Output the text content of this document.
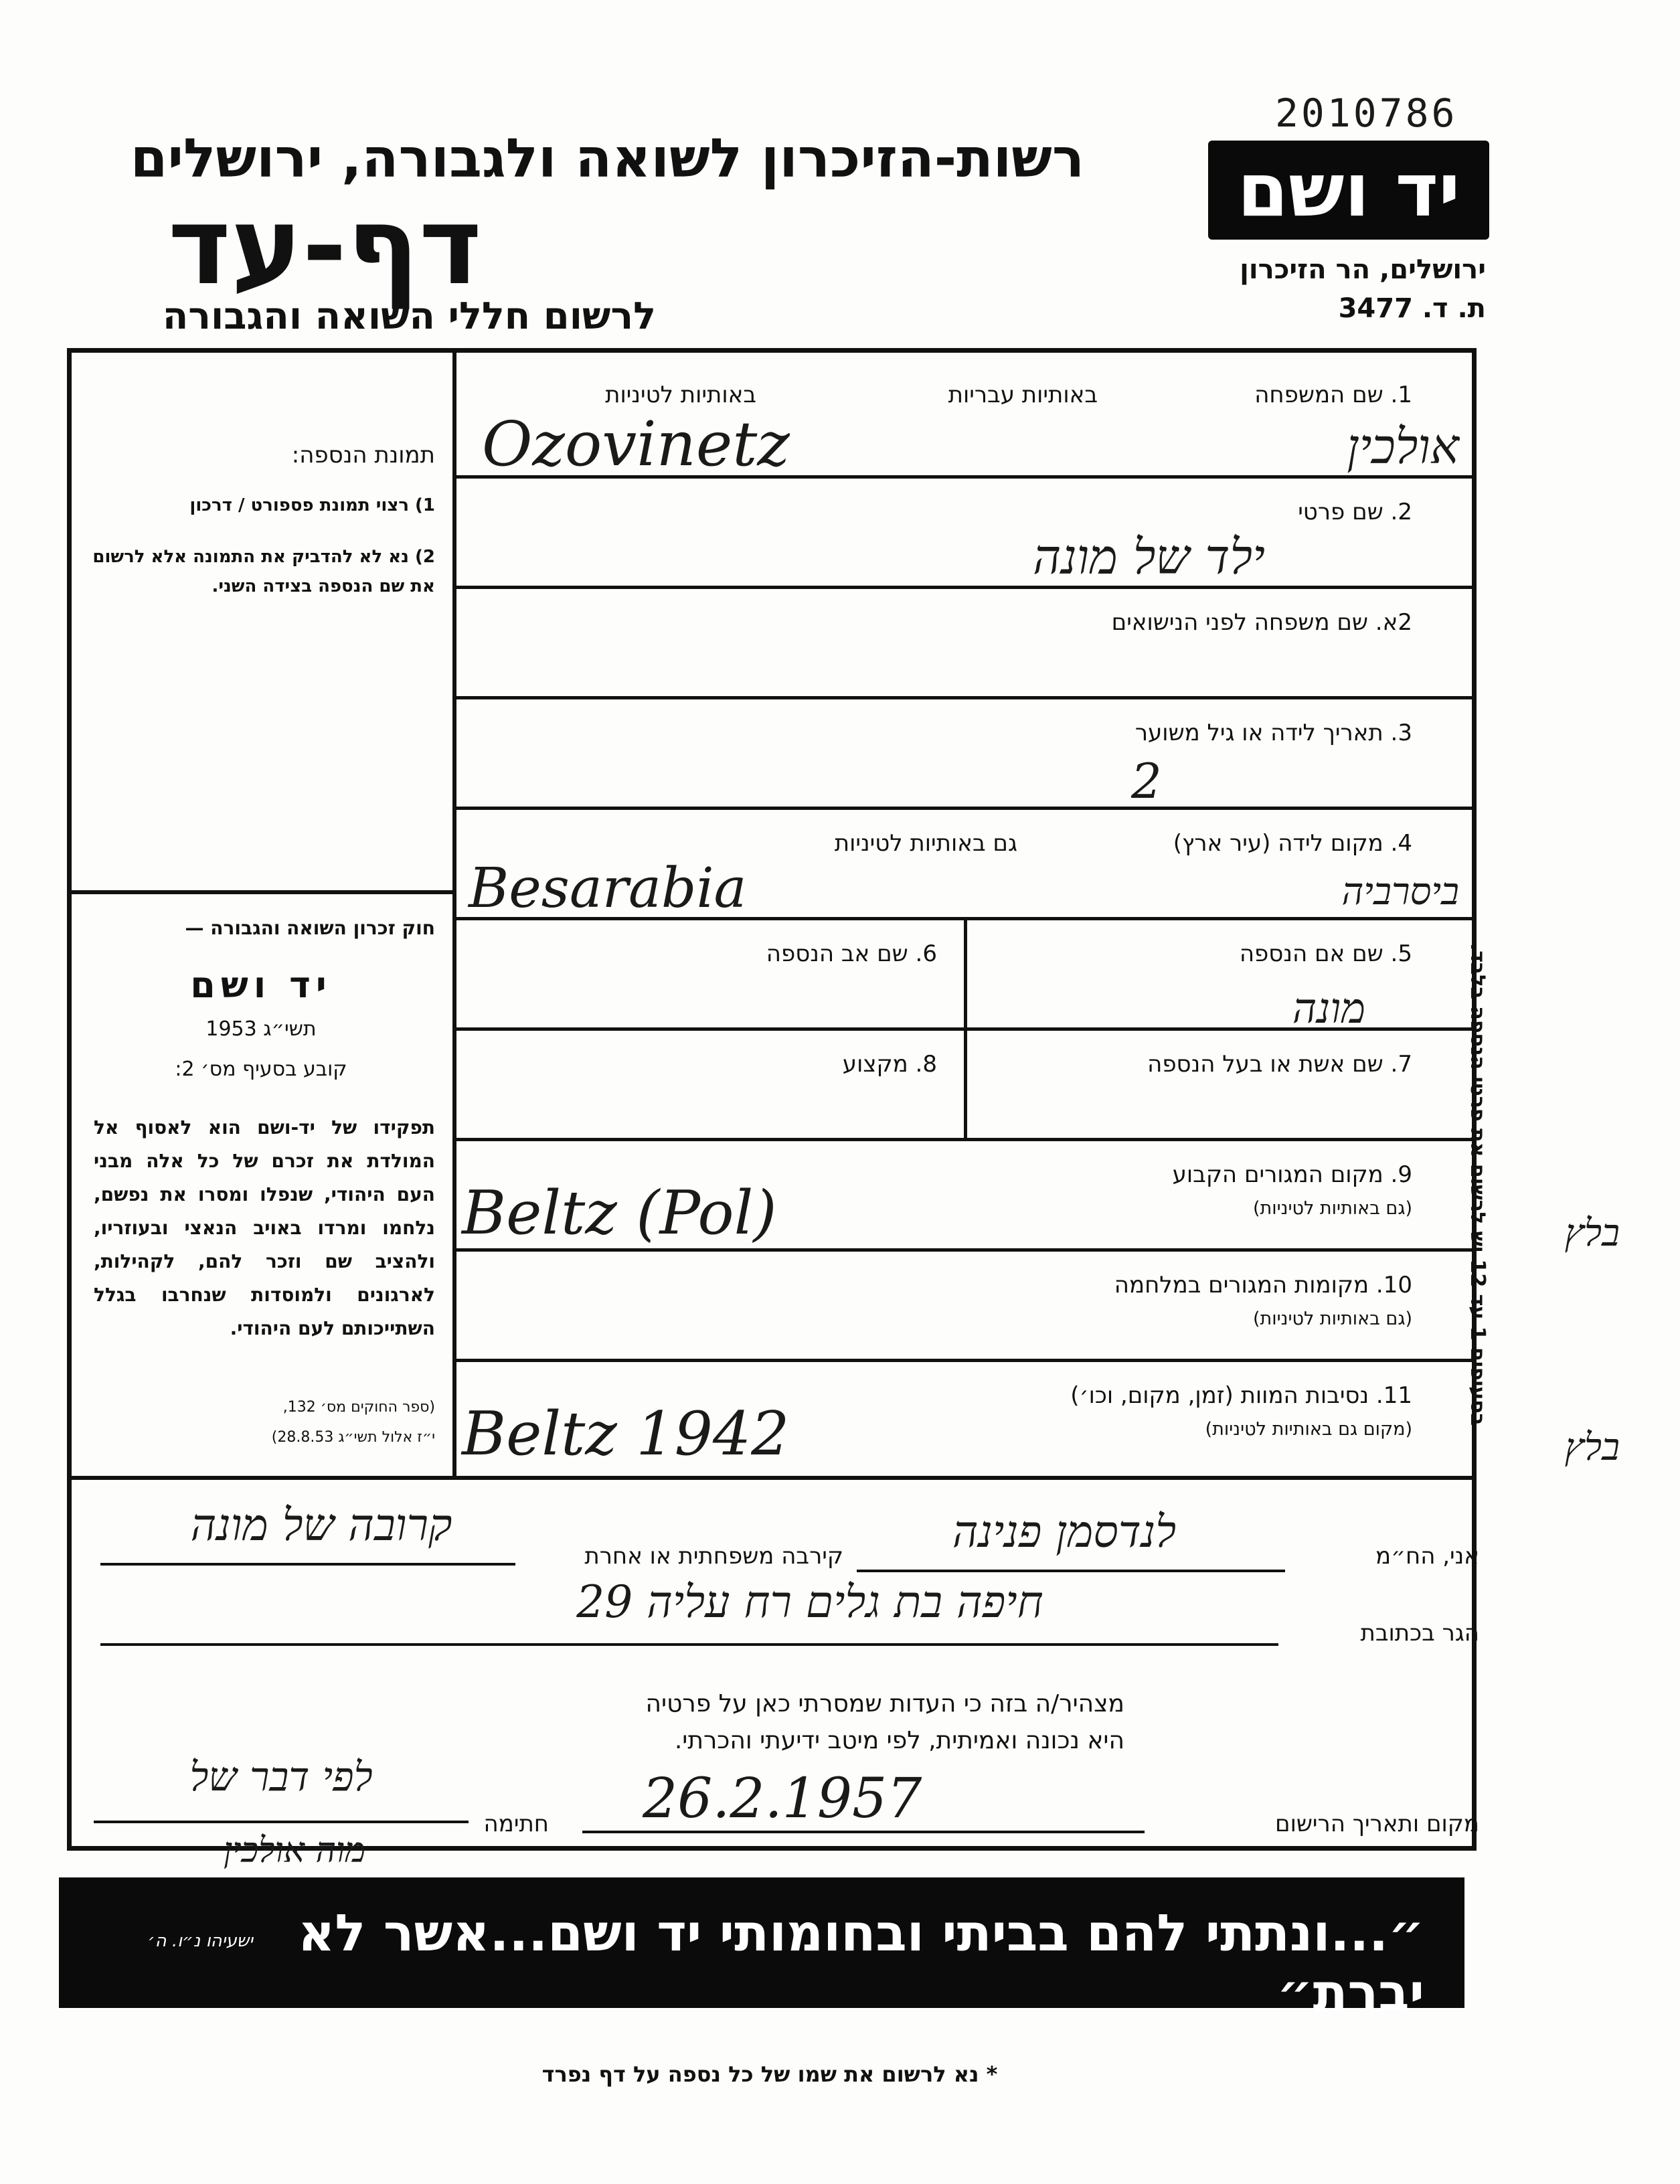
2010786
רשות-הזיכרון לשואה ולגבורה, ירושלים
דף-עד
לרשום חללי השואה והגבורה
יד ושם
ירושלים, הר הזיכרון
ת. ד. 3477
תמונת הנספה:
1) רצוי תמונת פספורט / דרכון
2) נא לא להדביק את התמונה אלא לרשום את שם הנספה בצידה השני.
חוק זכרון השואה והגבורה —
יד ושם
תשי״ג 1953
קובע בסעיף מס׳ 2:
תפקידו של יד-ושם הוא לאסוף אל המולדת את זכרם של כל אלה מבני העם היהודי, שנפלו ומסרו את נפשם, נלחמו ומרדו באויב הנאצי ובעוזריו, ולהציב שם וזכר להם, לקהילות, לארגונים ולמוסדות שנחרבו בגלל השתייכותם לעם היהודי.
(ספר החוקים מס׳ 132,
י״ז אלול תשי״ג 28.8.53)
בסעיפים 1 עד 12 יש לרשום את פרטי הנספה בלבד.
1. שם המשפחה
באותיות עבריות
באותיות לטיניות
אולכין
Ozovinetz
2. שם פרטי
ילד של מונה
2א. שם משפחה לפני הנישואים
3. תאריך לידה או גיל משוער
2
4. מקום לידה (עיר ארץ)
גם באותיות לטיניות
Besarabia	ביסרביה
5. שם אם הנספה
מונה
6. שם אב הנספה
7. שם אשת או בעל הנספה
8. מקצוע
9. מקום המגורים הקבוע
(גם באותיות לטיניות)
Beltz (Pol)	בלץ
10. מקומות המגורים במלחמה
(גם באותיות לטיניות)
11. נסיבות המוות (זמן, מקום, וכו׳)
(מקום גם באותיות לטיניות)
Beltz 1942	בלץ
אני, הח״מ
לנדסמן פנינה
קירבה משפחתית או אחרת
קרובה של מונה
הגר בכתובת
חיפה בת גלים רח עליה 29
מצהיר/ה בזה כי העדות שמסרתי כאן על פרטיה
היא נכונה ואמיתית, לפי מיטב ידיעתי והכרתי.
מקום ותאריך הרישום
26.2.1957
חתימה
לפי דבר של
מוה אולכין
״...ונתתי להם בביתי ובחומותי יד ושם...אשר לא יברת״
ישעיהו נ״ו. ה׳
* נא לרשום את שמו של כל נספה על דף נפרד
